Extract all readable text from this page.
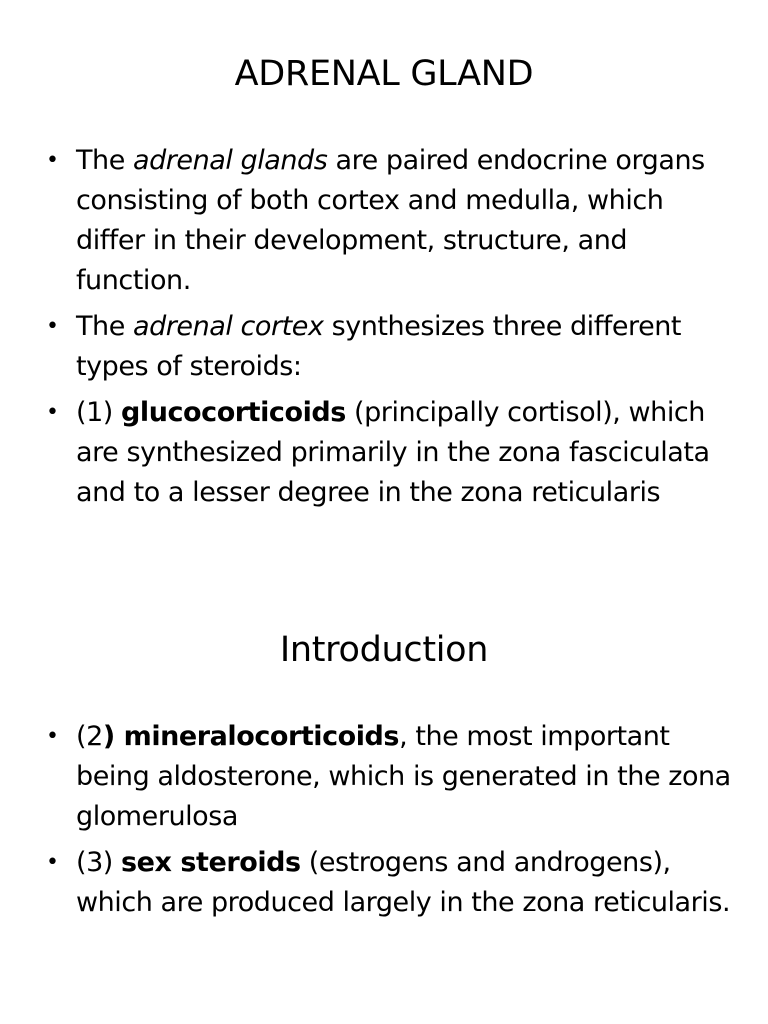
ADRENAL GLAND
• The adrenal glands are paired endocrine organs consisting of both cortex and medulla, which differ in their development, structure, and function.
• The adrenal cortex synthesizes three different types of steroids:
• (1) glucocorticoids (principally cortisol), which are synthesized primarily in the zona fasciculata and to a lesser degree in the zona reticularis
Introduction
• (2) mineralocorticoids, the most important being aldosterone, which is generated in the zona glomerulosa
• (3) sex steroids (estrogens and androgens), which are produced largely in the zona reticularis.
